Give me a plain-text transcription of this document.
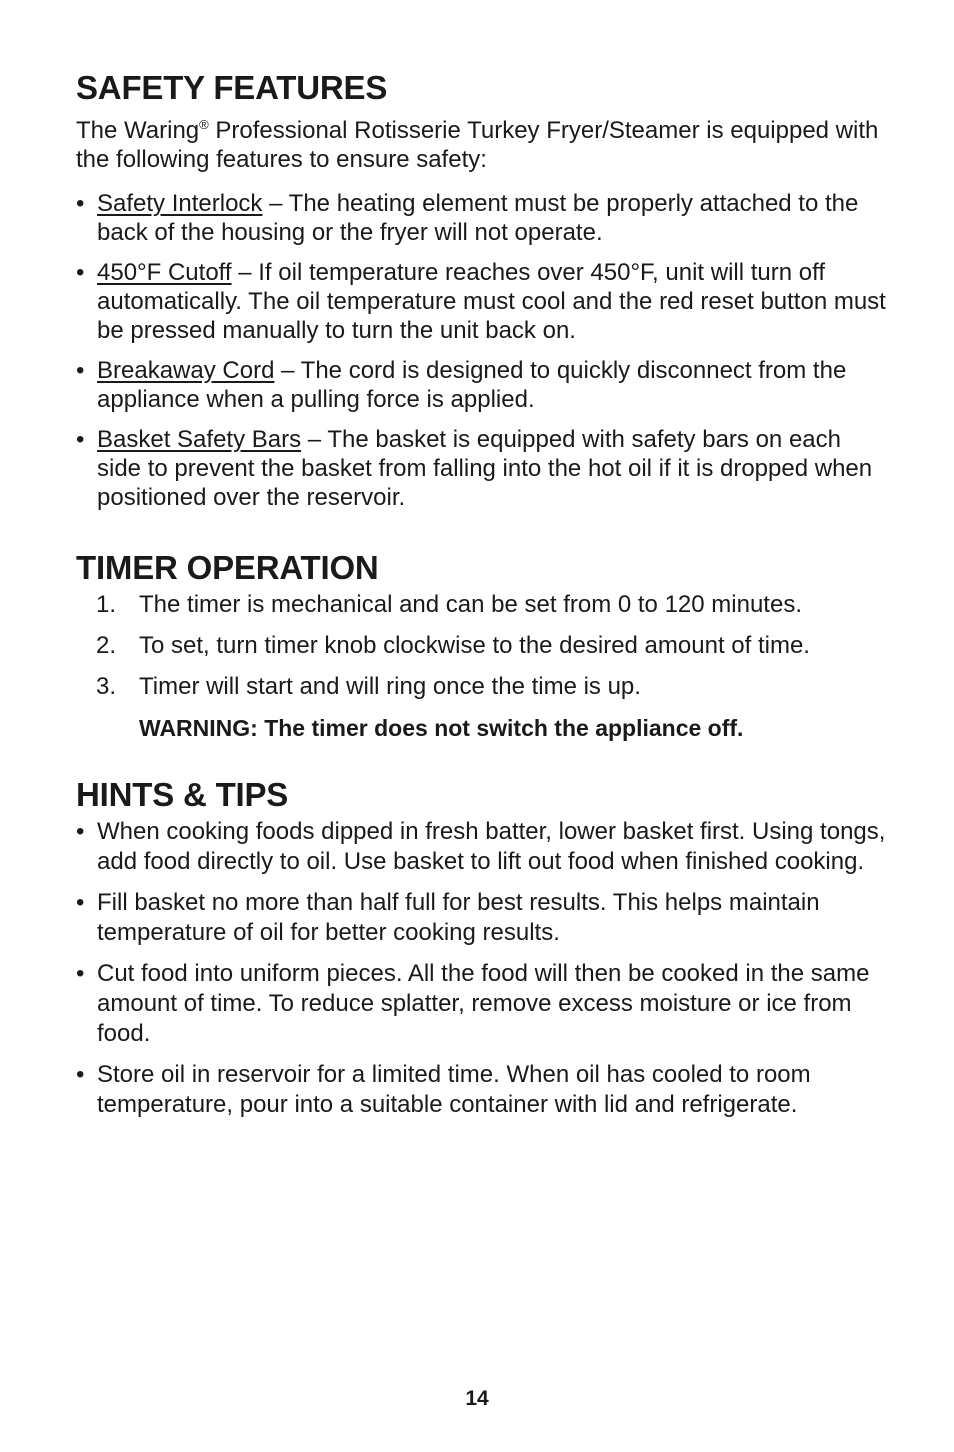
SAFETY FEATURES

The Waring® Professional Rotisserie Turkey Fryer/Steamer is equipped with the following features to ensure safety:

• Safety Interlock – The heating element must be properly attached to the back of the housing or the fryer will not operate.
• 450°F Cutoff – If oil temperature reaches over 450°F, unit will turn off automatically. The oil temperature must cool and the red reset button must be pressed manually to turn the unit back on.
• Breakaway Cord – The cord is designed to quickly disconnect from the appliance when a pulling force is applied.
• Basket Safety Bars – The basket is equipped with safety bars on each side to prevent the basket from falling into the hot oil if it is dropped when positioned over the reservoir.
TIMER OPERATION
1. The timer is mechanical and can be set from 0 to 120 minutes.
2. To set, turn timer knob clockwise to the desired amount of time.
3. Timer will start and will ring once the time is up.
WARNING: The timer does not switch the appliance off.
HINTS & TIPS
• When cooking foods dipped in fresh batter, lower basket first. Using tongs, add food directly to oil. Use basket to lift out food when finished cooking.
• Fill basket no more than half full for best results. This helps maintain temperature of oil for better cooking results.
• Cut food into uniform pieces. All the food will then be cooked in the same amount of time. To reduce splatter, remove excess moisture or ice from food.
• Store oil in reservoir for a limited time. When oil has cooled to room temperature, pour into a suitable container with lid and refrigerate.
14
